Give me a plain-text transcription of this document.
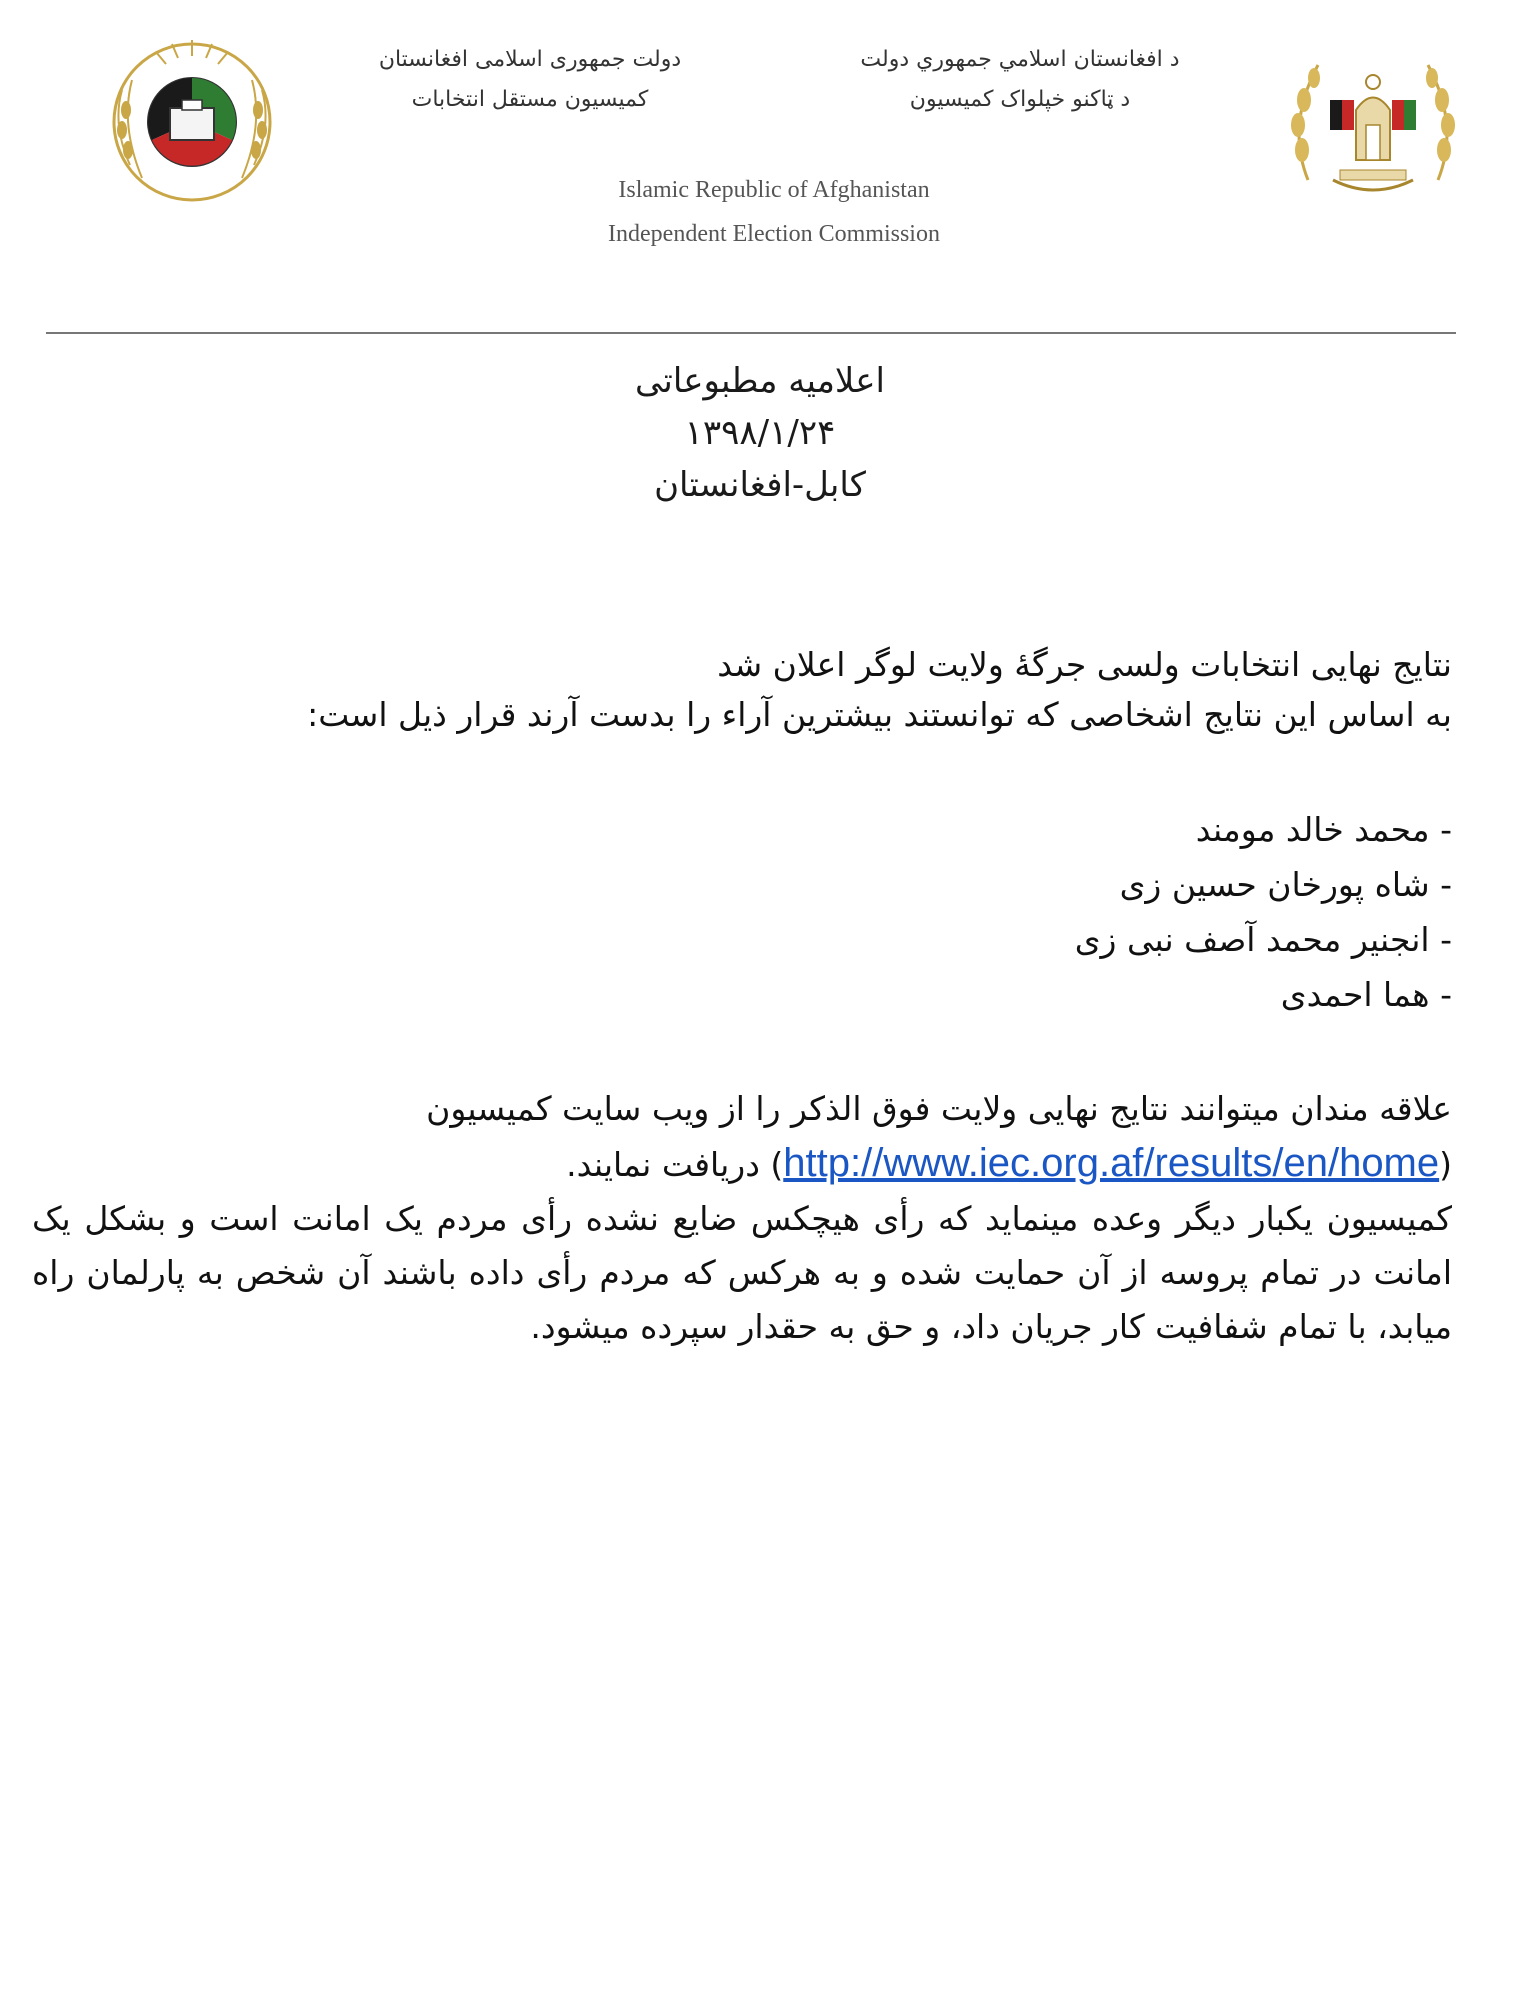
دولت جمهوری اسلامی افغانستان
کمیسیون مستقل انتخابات
د افغانستان اسلامي جمهوري دولت
د ټاکنو خپلواک کمیسیون
Islamic Republic of Afghanistan
Independent Election Commission
اعلامیه مطبوعاتی
۱۳۹۸/۱/۲۴
کابل-افغانستان

نتایج نهایی انتخابات ولسی جرگهٔ ولایت لوگر اعلان شد

به اساس این نتایج اشخاصی که توانستند بیشترین آراء را بدست آرند قرار ذیل است:

- محمد خالد مومند

- شاه پورخان حسین زی

- انجنیر محمد آصف نبی زی

- هما احمدی

علاقه مندان میتوانند نتایج نهایی ولایت فوق الذکر را از ویب سایت کمیسیون

(http://www.iec.org.af/results/en/home) دریافت نمایند.

کمیسیون یکبار دیگر وعده مینماید که رأی هیچکس ضایع نشده رأی مردم یک امانت است و بشکل یک امانت در تمام پروسه از آن حمایت شده و به هرکس که مردم رأی داده باشند آن شخص به پارلمان راه میابد، با تمام شفافیت کار جریان داد، و حق به حقدار سپرده میشود.
